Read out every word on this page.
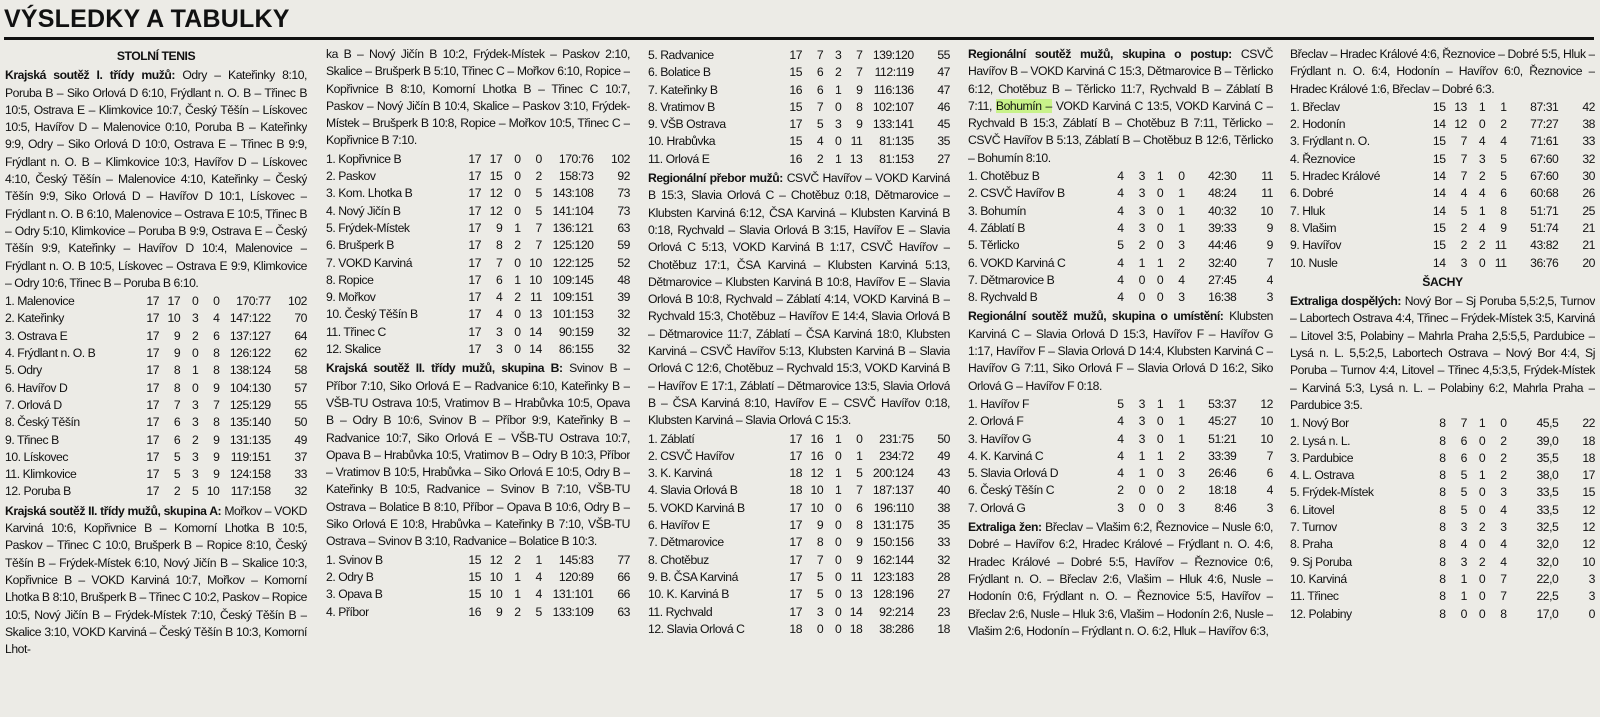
VÝSLEDKY A TABULKY
STOLNÍ TENIS

Krajská soutěž I. třídy mužů: Odry – Kateřinky 8:10, Poruba B – Siko Orlová D 6:10, Frýdlant n. O. B – Třinec B 10:5, Ostrava E – Klimkovice 10:7, Český Těšín – Lískovec 10:5, Havířov D – Malenovice 0:10, Poruba B – Kateřinky 9:9, Odry – Siko Orlová D 10:0, Ostrava E – Třinec B 9:9, Frýdlant n. O. B – Klimkovice 10:3, Havířov D – Lískovec 4:10, Český Těšín – Malenovice 4:10, Kateřinky – Český Těšín 9:9, Siko Orlová D – Havířov D 10:1, Lískovec – Frýdlant n. O. B 6:10, Malenovice – Ostrava E 10:5, Třinec B – Odry 5:10, Klimkovice – Poruba B 9:9, Ostrava E – Český Těšín 9:9, Kateřinky – Havířov D 10:4, Malenovice – Frýdlant n. O. B 10:5, Lískovec – Ostrava E 9:9, Klimkovice – Odry 10:6, Třinec B – Poruba B 6:10.

1. Malenovice	17	17	0	0	170:77	102
2. Kateřinky	17	10	3	4	147:122	70
3. Ostrava E	17	9	2	6	137:127	64
4. Frýdlant n. O. B	17	9	0	8	126:122	62
5. Odry	17	8	1	8	138:124	58
6. Havířov D	17	8	0	9	104:130	57
7. Orlová D	17	7	3	7	125:129	55
8. Český Těšín	17	6	3	8	135:140	50
9. Třinec B	17	6	2	9	131:135	49
10. Lískovec	17	5	3	9	119:151	37
11. Klimkovice	17	5	3	9	124:158	33
12. Poruba B	17	2	5	10	117:158	32

Krajská soutěž II. třídy mužů, skupina A: Mořkov – VOKD Karviná 10:6, Kopřivnice B – Komorní Lhotka B 10:5, Paskov – Třinec C 10:0, Brušperk B – Ropice 8:10, Český Těšín B – Frýdek-Místek 6:10, Nový Jičín B – Skalice 10:3, Kopřivnice B – VOKD Karviná 10:7, Mořkov – Komorní Lhotka B 8:10, Brušperk B – Třinec C 10:2, Paskov – Ropice 10:5, Nový Jičín B – Frýdek-Místek 7:10, Český Těšín B – Skalice 3:10, VOKD Karviná – Český Těšín B 10:3, Komorní Lhot-

ka B – Nový Jičín B 10:2, Frýdek-Místek – Paskov 2:10, Skalice – Brušperk B 5:10, Třinec C – Mořkov 6:10, Ropice – Kopřivnice B 8:10, Komorní Lhotka B – Třinec C 10:7, Paskov – Nový Jičín B 10:4, Skalice – Paskov 3:10, Frýdek-Místek – Brušperk B 10:8, Ropice – Mořkov 10:5, Třinec C – Kopřivnice B 7:10.

1. Kopřivnice B	17	17	0	0	170:76	102
2. Paskov	17	15	0	2	158:73	92
3. Kom. Lhotka B	17	12	0	5	143:108	73
4. Nový Jičín B	17	12	0	5	141:104	73
5. Frýdek-Místek	17	9	1	7	136:121	63
6. Brušperk B	17	8	2	7	125:120	59
7. VOKD Karviná	17	7	0	10	122:125	52
8. Ropice	17	6	1	10	109:145	48
9. Mořkov	17	4	2	11	109:151	39
10. Český Těšín B	17	4	0	13	101:153	32
11. Třinec C	17	3	0	14	90:159	32
12. Skalice	17	3	0	14	86:155	32

Krajská soutěž II. třídy mužů, skupina B: Svinov B – Příbor 7:10, Siko Orlová E – Radvanice 6:10, Kateřinky B – VŠB-TU Ostrava 10:5, Vratimov B – Hrabůvka 10:5, Opava B – Odry B 10:6, Svinov B – Příbor 9:9, Kateřinky B – Radvanice 10:7, Siko Orlová E – VŠB-TU Ostrava 10:7, Opava B – Hrabůvka 10:5, Vratimov B – Odry B 10:3, Příbor – Vratimov B 10:5, Hrabůvka – Siko Orlová E 10:5, Odry B – Kateřinky B 10:5, Radvanice – Svinov B 7:10, VŠB-TU Ostrava – Bolatice B 8:10, Příbor – Opava B 10:6, Odry B – Siko Orlová E 10:8, Hrabůvka – Kateřinky B 7:10, VŠB-TU Ostrava – Svinov B 3:10, Radvanice – Bolatice B 10:3.

1. Svinov B	15	12	2	1	145:83	77
2. Odry B	15	10	1	4	120:89	66
3. Opava B	15	10	1	4	131:101	66
4. Příbor	16	9	2	5	133:109	63
5. Radvanice	17	7	3	7	139:120	55
6. Bolatice B	15	6	2	7	112:119	47
7. Kateřinky B	16	6	1	9	116:136	47
8. Vratimov B	15	7	0	8	102:107	46
9. VŠB Ostrava	17	5	3	9	133:141	45
10. Hrabůvka	15	4	0	11	81:135	35
11. Orlová E	16	2	1	13	81:153	27

Regionální přebor mužů: CSVČ Havířov – VOKD Karviná B 15:3, Slavia Orlová C – Chotěbuz 0:18, Dětmarovice – Klubsten Karviná 6:12, ČSA Karviná – Klubsten Karviná B 0:18, Rychvald – Slavia Orlová B 3:15, Havířov E – Slavia Orlová C 5:13, VOKD Karviná B 1:17, CSVČ Havířov – Chotěbuz 17:1, ČSA Karviná – Klubsten Karviná 5:13, Dětmarovice – Klubsten Karviná B 10:8, Havířov E – Slavia Orlová B 10:8, Rychvald – Záblatí 4:14, VOKD Karviná B – Rychvald 15:3, Chotěbuz – Havířov E 14:4, Slavia Orlová B – Dětmarovice 11:7, Záblatí – ČSA Karviná 18:0, Klubsten Karviná – CSVČ Havířov 5:13, Klubsten Karviná B – Slavia Orlová C 12:6, Chotěbuz – Rychvald 15:3, VOKD Karviná B – Havířov E 17:1, Záblatí – Dětmarovice 13:5, Slavia Orlová B – ČSA Karviná 8:10, Havířov E – CSVČ Havířov 0:18, Klubsten Karviná – Slavia Orlová C 15:3.

1. Záblatí	17	16	1	0	231:75	50
2. CSVČ Havířov	17	16	0	1	234:72	49
3. K. Karviná	18	12	1	5	200:124	43
4. Slavia Orlová B	18	10	1	7	187:137	40
5. VOKD Karviná B	17	10	0	6	196:110	38
6. Havířov E	17	9	0	8	131:175	35
7. Dětmarovice	17	8	0	9	150:156	33
8. Chotěbuz	17	7	0	9	162:144	32
9. B. ČSA Karviná	17	5	0	11	123:183	28
10. K. Karviná B	17	5	0	13	128:196	27
11. Rychvald	17	3	0	14	92:214	23
12. Slavia Orlová C	18	0	0	18	38:286	18

Regionální soutěž mužů, skupina o postup: CSVČ Havířov B – VOKD Karviná C 15:3, Dětmarovice B – Těrlicko 6:12, Chotěbuz B – Těrlicko 11:7, Rychvald B – Záblatí B 7:11, Bohumín – VOKD Karviná C 13:5, VOKD Karviná C – Rychvald B 15:3, Záblatí B – Chotěbuz B 7:11, Těrlicko – CSVČ Havířov B 5:13, Záblatí B – Chotěbuz B 12:6, Těrlicko – Bohumín 8:10.

1. Chotěbuz B	4	3	1	0	42:30	11
2. CSVČ Havířov B	4	3	0	1	48:24	11
3. Bohumín	4	3	0	1	40:32	10
4. Záblatí B	4	3	0	1	39:33	9
5. Těrlicko	5	2	0	3	44:46	9
6. VOKD Karviná C	4	1	1	2	32:40	7
7. Dětmarovice B	4	0	0	4	27:45	4
8. Rychvald B	4	0	0	3	16:38	3

Regionální soutěž mužů, skupina o umístění: Klubsten Karviná C – Slavia Orlová D 15:3, Havířov F – Havířov G 1:17, Havířov F – Slavia Orlová D 14:4, Klubsten Karviná C – Havířov G 7:11, Siko Orlová F – Slavia Orlová D 16:2, Siko Orlová G – Havířov F 0:18.

1. Havířov F	5	3	1	1	53:37	12
2. Orlová F	4	3	0	1	45:27	10
3. Havířov G	4	3	0	1	51:21	10
4. K. Karviná C	4	1	1	2	33:39	7
5. Slavia Orlová D	4	1	0	3	26:46	6
6. Český Těšín C	2	0	0	2	18:18	4
7. Orlová G	3	0	0	3	8:46	3

Extraliga žen: Břeclav – Vlašim 6:2, Řeznovice – Nusle 6:0, Dobré – Havířov 6:2, Hradec Králové – Frýdlant n. O. 4:6, Hradec Králové – Dobré 5:5, Havířov – Řeznovice 0:6, Frýdlant n. O. – Břeclav 2:6, Vlašim – Hluk 4:6, Nusle – Hodonín 0:6, Frýdlant n. O. – Řeznovice 5:5, Havířov – Břeclav 2:6, Nusle – Hluk 3:6, Vlašim – Hodonín 2:6, Nusle – Vlašim 2:6, Hodonín – Frýdlant n. O. 6:2, Hluk – Havířov 6:3,

Břeclav – Hradec Králové 4:6, Řeznovice – Dobré 5:5, Hluk – Frýdlant n. O. 6:4, Hodonín – Havířov 6:0, Řeznovice – Hradec Králové 1:6, Břeclav – Dobré 6:3.

1. Břeclav	15	13	1	1	87:31	42
2. Hodonín	14	12	0	2	77:27	38
3. Frýdlant n. O.	15	7	4	4	71:61	33
4. Řeznovice	15	7	3	5	67:60	32
5. Hradec Králové	14	7	2	5	67:60	30
6. Dobré	14	4	4	6	60:68	26
7. Hluk	14	5	1	8	51:71	25
8. Vlašim	15	2	4	9	51:74	21
9. Havířov	15	2	2	11	43:82	21
10. Nusle	14	3	0	11	36:76	20
ŠACHY

Extraliga dospělých: Nový Bor – Sj Poruba 5,5:2,5, Turnov – Labortech Ostrava 4:4, Třinec – Frýdek-Místek 3:5, Karviná – Litovel 3:5, Polabiny – Mahrla Praha 2,5:5,5, Pardubice – Lysá n. L. 5,5:2,5, Labortech Ostrava – Nový Bor 4:4, Sj Poruba – Turnov 4:4, Litovel – Třinec 4,5:3,5, Frýdek-Místek – Karviná 5:3, Lysá n. L. – Polabiny 6:2, Mahrla Praha – Pardubice 3:5.

1. Nový Bor	8	7	1	0	45,5	22
2. Lysá n. L.	8	6	0	2	39,0	18
3. Pardubice	8	6	0	2	35,5	18
4. L. Ostrava	8	5	1	2	38,0	17
5. Frýdek-Místek	8	5	0	3	33,5	15
6. Litovel	8	5	0	4	33,5	12
7. Turnov	8	3	2	3	32,5	12
8. Praha	8	4	0	4	32,0	12
9. Sj Poruba	8	3	2	4	32,0	10
10. Karviná	8	1	0	7	22,0	3
11. Třinec	8	1	0	7	22,5	3
12. Polabiny	8	0	0	8	17,0	0
